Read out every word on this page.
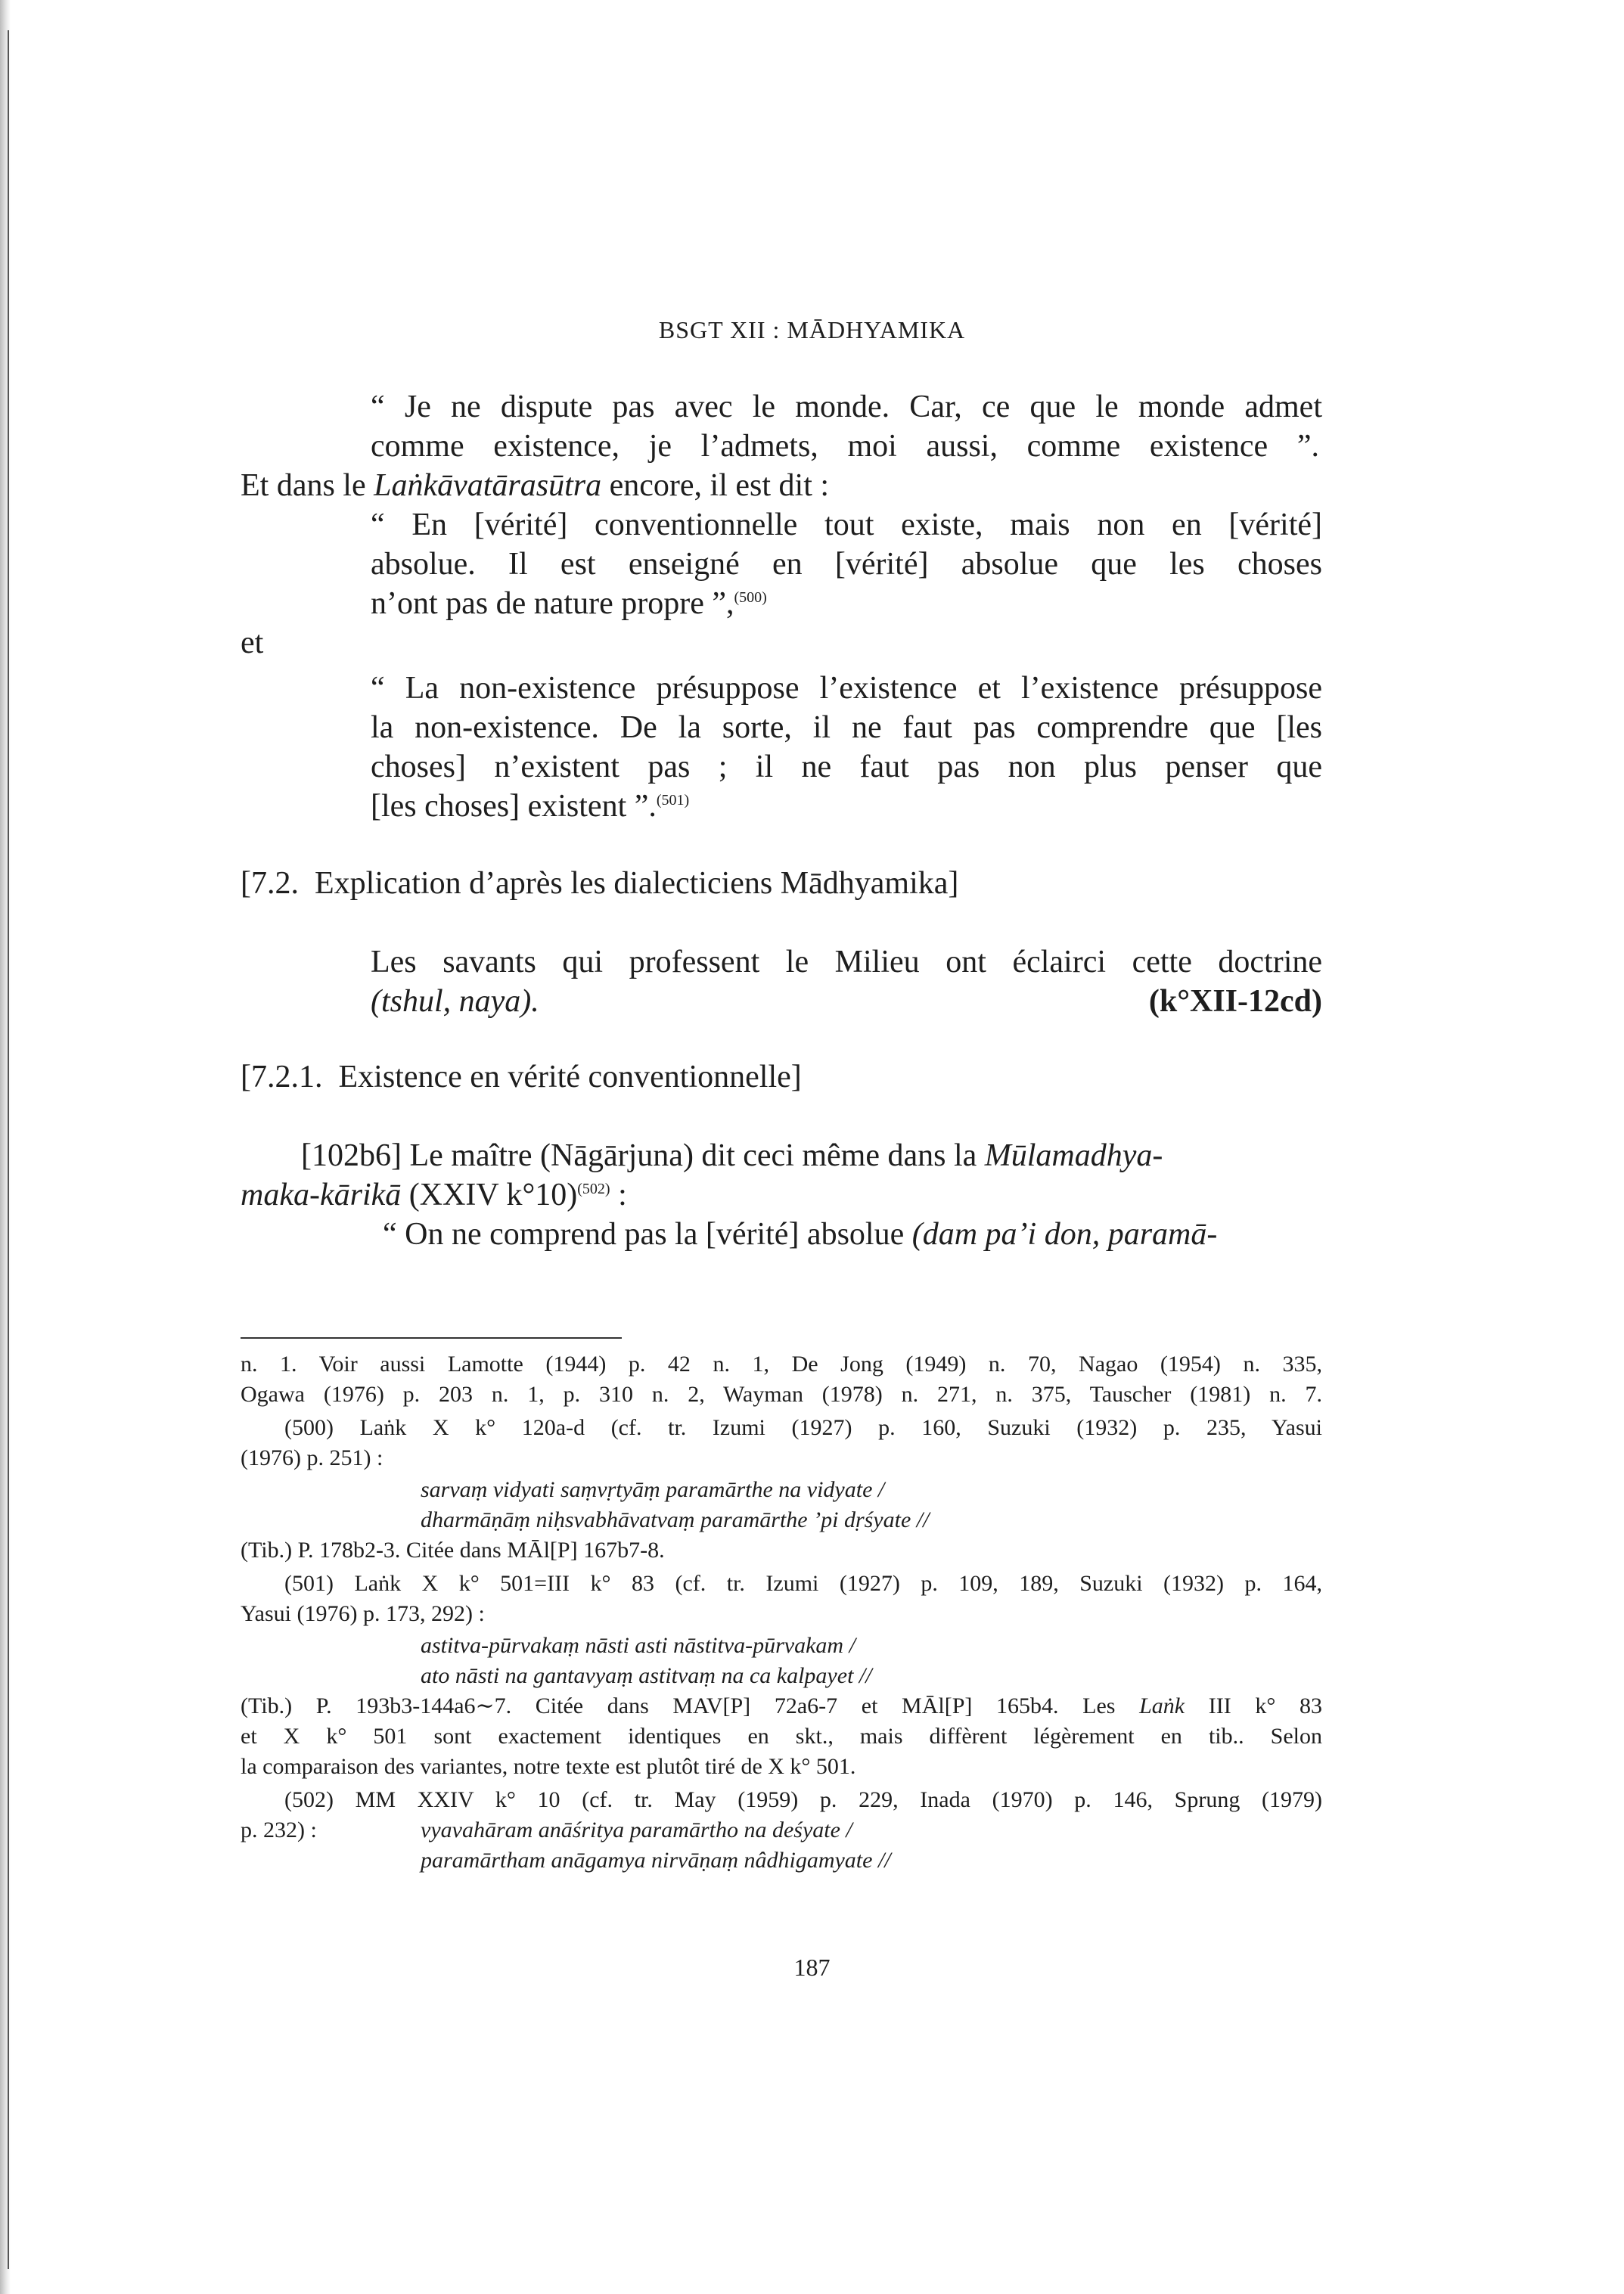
BSGT XII : MĀDHYAMIKA
“ Je ne dispute pas avec le monde. Car, ce que le monde admet
comme existence, je l’admets, moi aussi, comme existence ”.
Et dans le Laṅkāvatārasūtra encore, il est dit :
“ En [vérité] conventionnelle tout existe, mais non en [vérité]
absolue. Il est enseigné en [vérité] absolue que les choses
n’ont pas de nature propre ”,$^{(500)}$
et
“ La non-existence présuppose l’existence et l’existence présuppose
la non-existence. De la sorte, il ne faut pas comprendre que [les
choses] n’existent pas ; il ne faut pas non plus penser que
[les choses] existent ”.$^{(501)}$
[7.2. Explication d’après les dialecticiens Mādhyamika]
Les savants qui professent le Milieu ont éclairci cette doctrine
(tshul, naya).	(k°XII-12cd)
[7.2.1. Existence en vérité conventionnelle]
[102b6] Le maître (Nāgārjuna) dit ceci même dans la Mūlamadhya-
maka-kārikā (XXIV k°10)$^{(502)}$ :
“ On ne comprend pas la [vérité] absolue (dam pa’i don, paramā-
n. 1. Voir aussi Lamotte (1944) p. 42 n. 1, De Jong (1949) n. 70, Nagao (1954) n. 335,
Ogawa (1976) p. 203 n. 1, p. 310 n. 2, Wayman (1978) n. 271, n. 375, Tauscher (1981) n. 7.
(500) Laṅk X k° 120a-d (cf. tr. Izumi (1927) p. 160, Suzuki (1932) p. 235, Yasui
(1976) p. 251) :
sarvaṃ vidyati saṃvṛtyāṃ paramārthe na vidyate /
dharmāṇāṃ niḥsvabhāvatvaṃ paramārthe ’pi dṛśyate //
(Tib.) P. 178b2-3. Citée dans MĀl[P] 167b7-8.
(501) Laṅk X k° 501=III k° 83 (cf. tr. Izumi (1927) p. 109, 189, Suzuki (1932) p. 164,
Yasui (1976) p. 173, 292) :
astitva-pūrvakaṃ nāsti asti nāstitva-pūrvakam /
ato nāsti na gantavyaṃ astitvaṃ na ca kalpayet //
(Tib.) P. 193b3-144a6∼7. Citée dans MAV[P] 72a6-7 et MĀl[P] 165b4. Les Laṅk III k° 83
et X k° 501 sont exactement identiques en skt., mais diffèrent légèrement en tib.. Selon
la comparaison des variantes, notre texte est plutôt tiré de X k° 501.
(502) MM XXIV k° 10 (cf. tr. May (1959) p. 229, Inada (1970) p. 146, Sprung (1979)
p. 232) :	vyavahāram anāśritya paramārtho na deśyate /
paramārtham anāgamya nirvāṇaṃ nâdhigamyate //
187
